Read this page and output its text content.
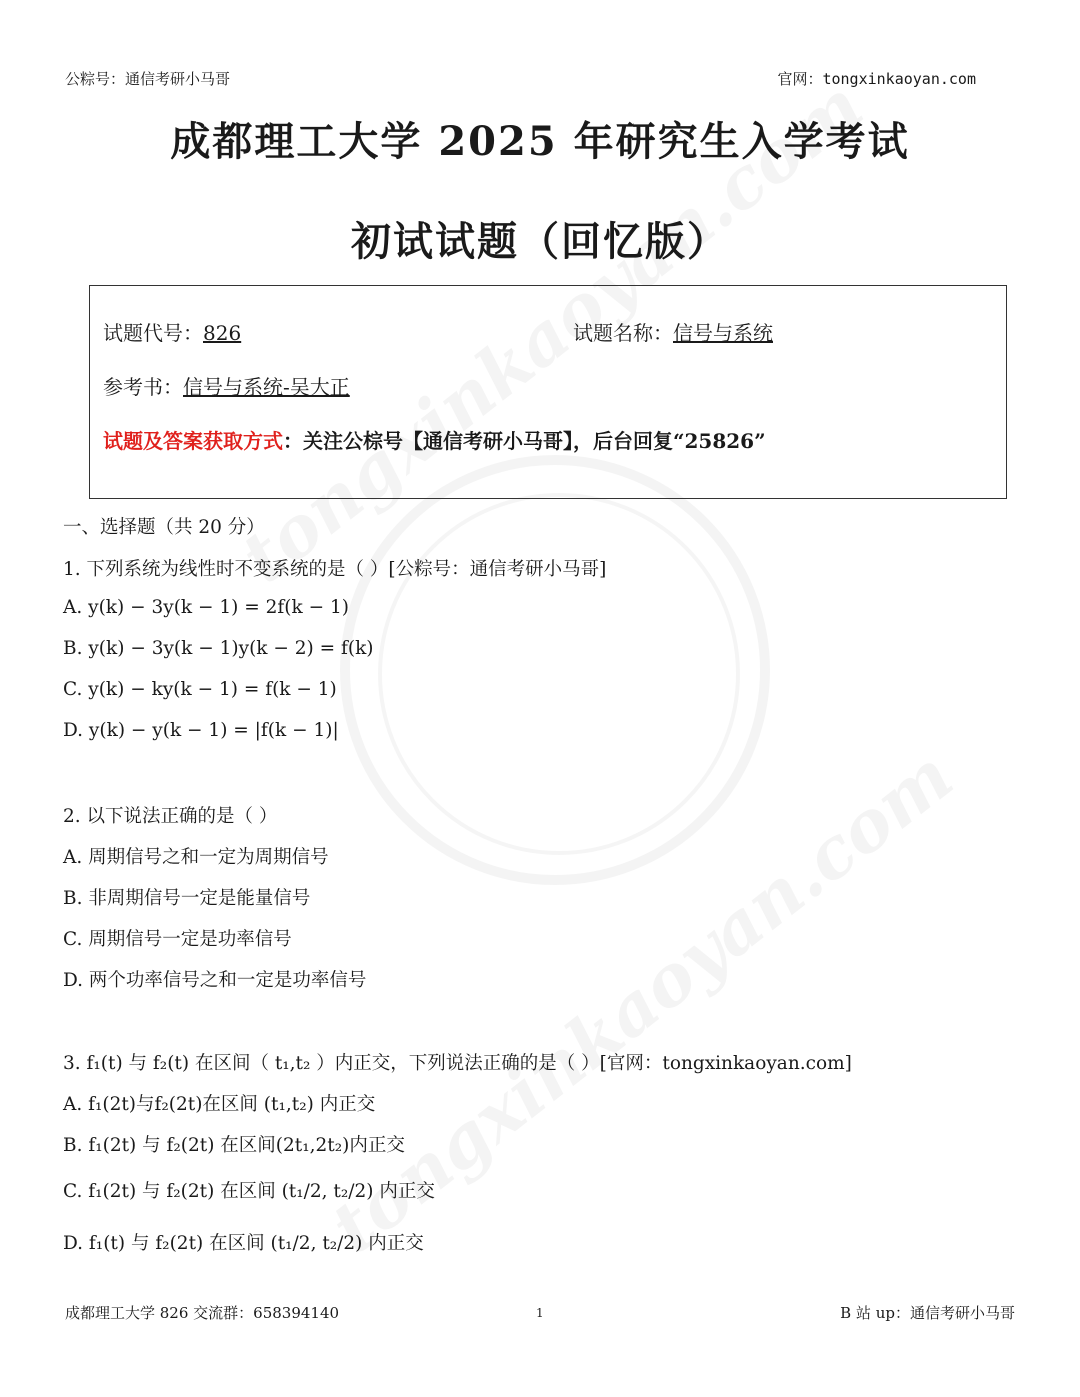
公粽号：通信考研小马哥	官网：tongxinkaoyan.com
成都理工大学 2025 年研究生入学考试
初试试题（回忆版）
试题代号：826	试题名称：信号与系统
参考书：信号与系统-吴大正
试题及答案获取方式：关注公棕号【通信考研小马哥】，后台回复“25826”
一、选择题（共 20 分）
1. 下列系统为线性时不变系统的是（ ）[公粽号：通信考研小马哥]
A. y(k) − 3y(k − 1) = 2f(k − 1)
B. y(k) − 3y(k − 1)y(k − 2) = f(k)
C. y(k) − ky(k − 1) = f(k − 1)
D. y(k) − y(k − 1) = |f(k − 1)|
2. 以下说法正确的是（ ）
A. 周期信号之和一定为周期信号
B. 非周期信号一定是能量信号
C. 周期信号一定是功率信号
D. 两个功率信号之和一定是功率信号
3. f₁(t) 与 f₂(t) 在区间（ t₁,t₂ ）内正交，下列说法正确的是（ ）[官网：tongxinkaoyan.com]
A. f₁(2t)与f₂(2t)在区间 (t₁,t₂) 内正交
B. f₁(2t) 与 f₂(2t) 在区间(2t₁,2t₂)内正交
C. f₁(2t) 与 f₂(2t) 在区间 (t₁/2, t₂/2) 内正交
D. f₁(t) 与 f₂(2t) 在区间 (t₁/2, t₂/2) 内正交
成都理工大学 826 交流群：658394140	1	B 站 up：通信考研小马哥
